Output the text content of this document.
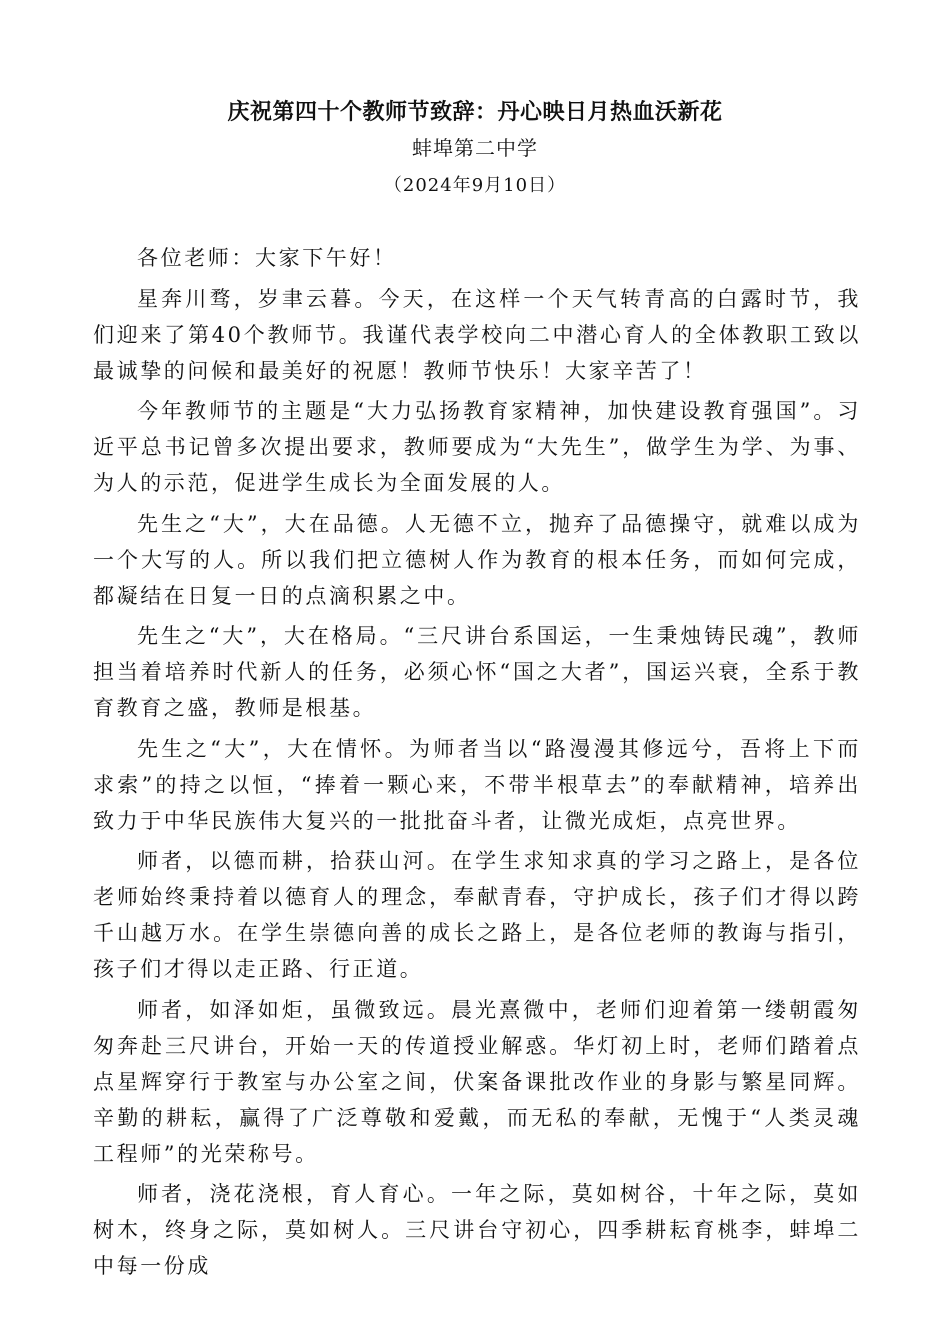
庆祝第四十个教师节致辞：丹心映日月热血沃新花
蚌埠第二中学
（2024年9月10日）

各位老师：大家下午好！

星奔川骛，岁聿云暮。今天，在这样一个天气转青高的白露时节，我们迎来了第40个教师节。我谨代表学校向二中潜心育人的全体教职工致以最诚挚的问候和最美好的祝愿！教师节快乐！大家辛苦了！

今年教师节的主题是“大力弘扬教育家精神，加快建设教育强国”。习近平总书记曾多次提出要求，教师要成为“大先生”，做学生为学、为事、为人的示范，促进学生成长为全面发展的人。

先生之“大”，大在品德。人无德不立，抛弃了品德操守，就难以成为一个大写的人。所以我们把立德树人作为教育的根本任务，而如何完成，都凝结在日复一日的点滴积累之中。

先生之“大”，大在格局。“三尺讲台系国运，一生秉烛铸民魂”，教师担当着培养时代新人的任务，必须心怀“国之大者”，国运兴衰，全系于教育教育之盛，教师是根基。

先生之“大”，大在情怀。为师者当以“路漫漫其修远兮，吾将上下而求索”的持之以恒，“捧着一颗心来，不带半根草去”的奉献精神，培养出致力于中华民族伟大复兴的一批批奋斗者，让微光成炬，点亮世界。

师者，以德而耕，拾获山河。在学生求知求真的学习之路上，是各位老师始终秉持着以德育人的理念，奉献青春，守护成长，孩子们才得以跨千山越万水。在学生崇德向善的成长之路上，是各位老师的教诲与指引，孩子们才得以走正路、行正道。

师者，如泽如炬，虽微致远。晨光熹微中，老师们迎着第一缕朝霞匆匆奔赴三尺讲台，开始一天的传道授业解惑。华灯初上时，老师们踏着点点星辉穿行于教室与办公室之间，伏案备课批改作业的身影与繁星同辉。辛勤的耕耘，赢得了广泛尊敬和爱戴，而无私的奉献，无愧于“人类灵魂工程师”的光荣称号。

师者，浇花浇根，育人育心。一年之际，莫如树谷，十年之际，莫如树木，终身之际，莫如树人。三尺讲台守初心，四季耕耘育桃李，蚌埠二中每一份成
